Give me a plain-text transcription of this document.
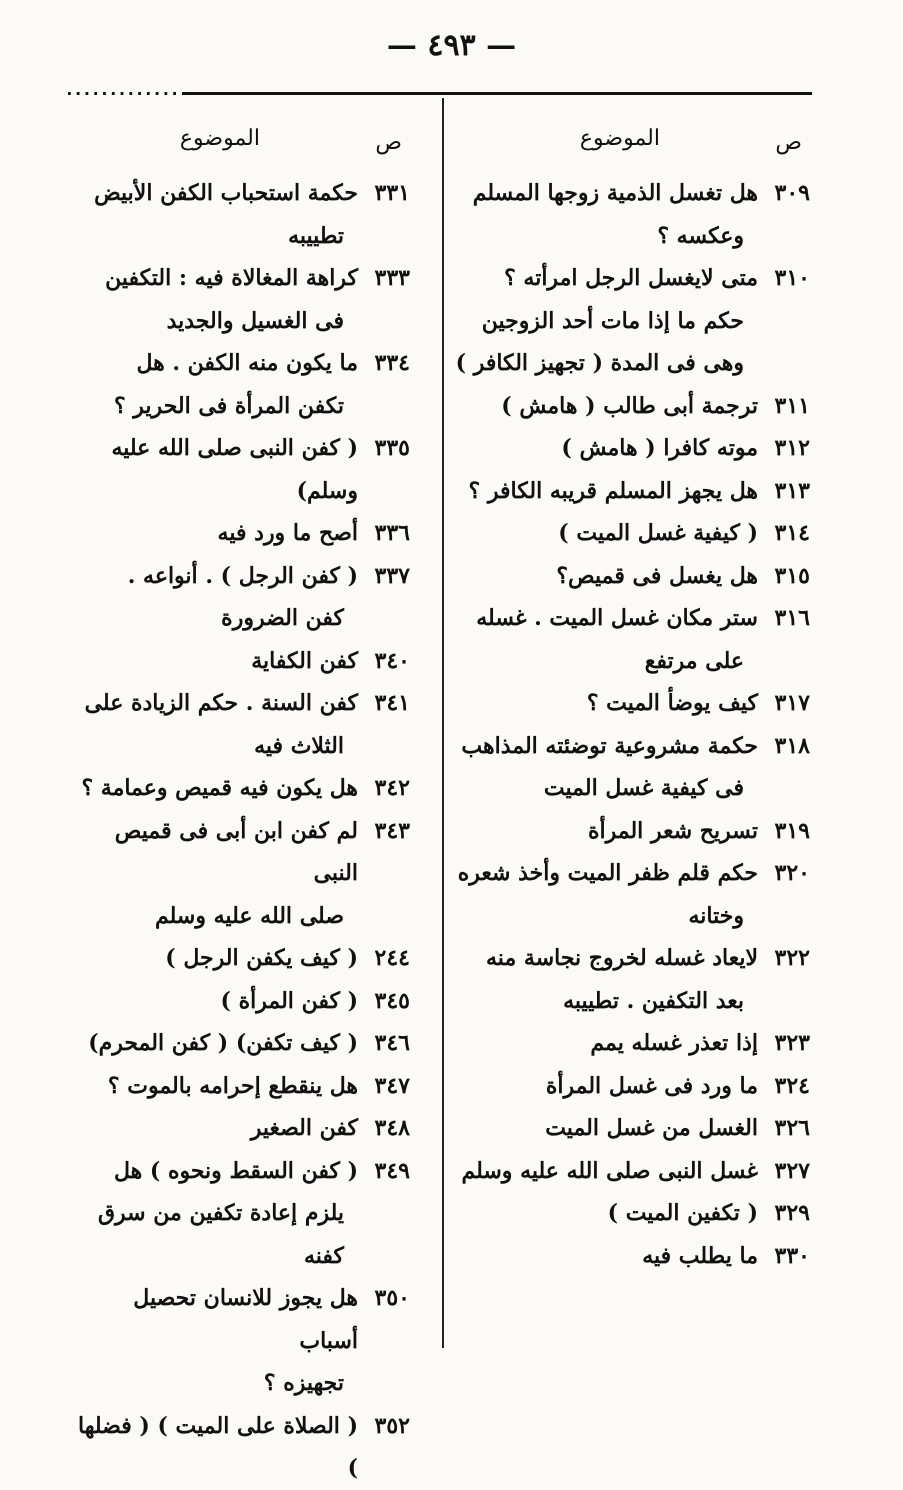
— ٤٩٣ —
ص
الموضوع
٣٠٩
هل تغسل الذمية زوجها المسلم
وعكسه ؟
٣١٠
متى لايغسل الرجل امرأته ؟
حكم ما إذا مات أحد الزوجين
وهى فى المدة ( تجهيز الكافر )
٣١١
ترجمة أبى طالب ( هامش )
٣١٢
موته كافرا ( هامش )
٣١٣
هل يجهز المسلم قريبه الكافر ؟
٣١٤
( كيفية غسل الميت )
٣١٥
هل يغسل فى قميص؟
٣١٦
ستر مكان غسل الميت . غسله
على مرتفع
٣١٧
كيف يوضأ الميت ؟
٣١٨
حكمة مشروعية توضئته المذاهب
فى كيفية غسل الميت
٣١٩
تسريح شعر المرأة
٣٢٠
حكم قلم ظفر الميت وأخذ شعره
وختانه
٣٢٢
لايعاد غسله لخروج نجاسة منه
بعد التكفين . تطييبه
٣٢٣
إذا تعذر غسله يمم
٣٢٤
ما ورد فى غسل المرأة
٣٢٦
الغسل من غسل الميت
٣٢٧
غسل النبى صلى الله عليه وسلم
٣٢٩
( تكفين الميت )
٣٣٠
ما يطلب فيه
ص
الموضوع
٣٣١
حكمة استحباب الكفن الأبيض
تطييبه
٣٣٣
كراهة المغالاة فيه : التكفين
فى الغسيل والجديد
٣٣٤
ما يكون منه الكفن . هل
تكفن المرأة فى الحرير ؟
٣٣٥
( كفن النبى صلى الله عليه وسلم)
٣٣٦
أصح ما ورد فيه
٣٣٧
( كفن الرجل ) . أنواعه .
كفن الضرورة
٣٤٠
كفن الكفاية
٣٤١
كفن السنة . حكم الزيادة على
الثلاث فيه
٣٤٢
هل يكون فيه قميص وعمامة ؟
٣٤٣
لم كفن ابن أبى فى قميص النبى
صلى الله عليه وسلم
٢٤٤
( كيف يكفن الرجل )
٣٤٥
( كفن المرأة )
٣٤٦
( كيف تكفن) ( كفن المحرم)
٣٤٧
هل ينقطع إحرامه بالموت ؟
٣٤٨
كفن الصغير
٣٤٩
( كفن السقط ونحوه ) هل
يلزم إعادة تكفين من سرق كفنه
٣٥٠
هل يجوز للانسان تحصيل أسباب
تجهيزه ؟
٣٥٢
( الصلاة على الميت ) ( فضلها )
